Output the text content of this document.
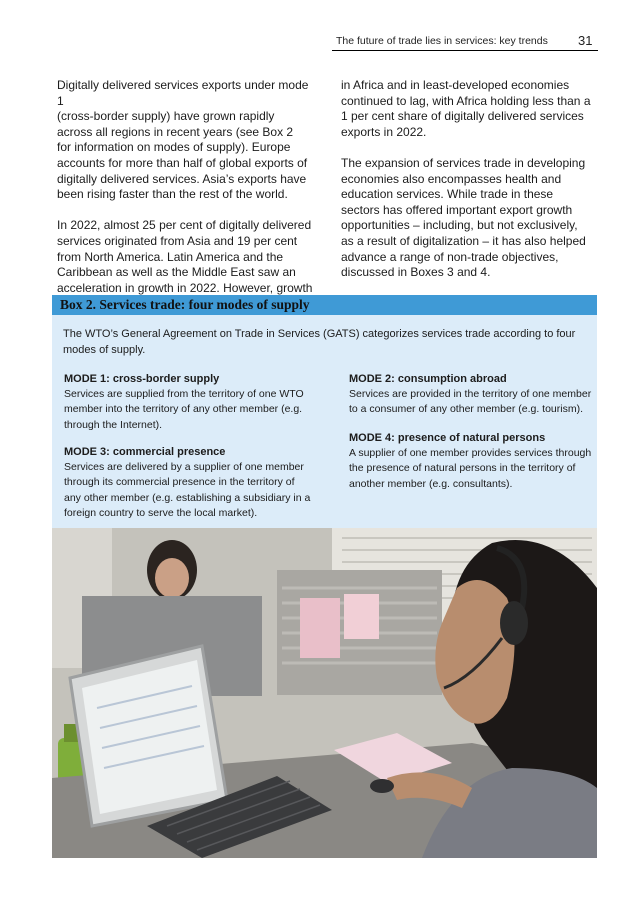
The future of trade lies in services: key trends 31

Digitally delivered services exports under mode 1
(cross-border supply) have grown rapidly
across all regions in recent years (see Box 2
for information on modes of supply). Europe
accounts for more than half of global exports of
digitally delivered services. Asia’s exports have
been rising faster than the rest of the world.

In 2022, almost 25 per cent of digitally delivered
services originated from Asia and 19 per cent
from North America. Latin America and the
Caribbean as well as the Middle East saw an
acceleration in growth in 2022. However, growth

in Africa and in least-developed economies
continued to lag, with Africa holding less than a
1 per cent share of digitally delivered services
exports in 2022.

The expansion of services trade in developing
economies also encompasses health and
education services. While trade in these
sectors has offered important export growth
opportunities – including, but not exclusively,
as a result of digitalization – it has also helped
advance a range of non-trade objectives,
discussed in Boxes 3 and 4.

Box 2. Services trade: four modes of supply
The WTO’s General Agreement on Trade in Services (GATS) categorizes services trade according to four
modes of supply.
MODE 1: cross-border supply

Services are supplied from the territory of one WTO
member into the territory of any other member (e.g.
through the Internet).

MODE 2: consumption abroad

Services are provided in the territory of one member
to a consumer of any other member (e.g. tourism).

MODE 3: commercial presence

Services are delivered by a supplier of one member
through its commercial presence in the territory of
any other member (e.g. establishing a subsidiary in a
foreign country to serve the local market).

MODE 4: presence of natural persons

A supplier of one member provides services through
the presence of natural persons in the territory of
another member (e.g. consultants).
